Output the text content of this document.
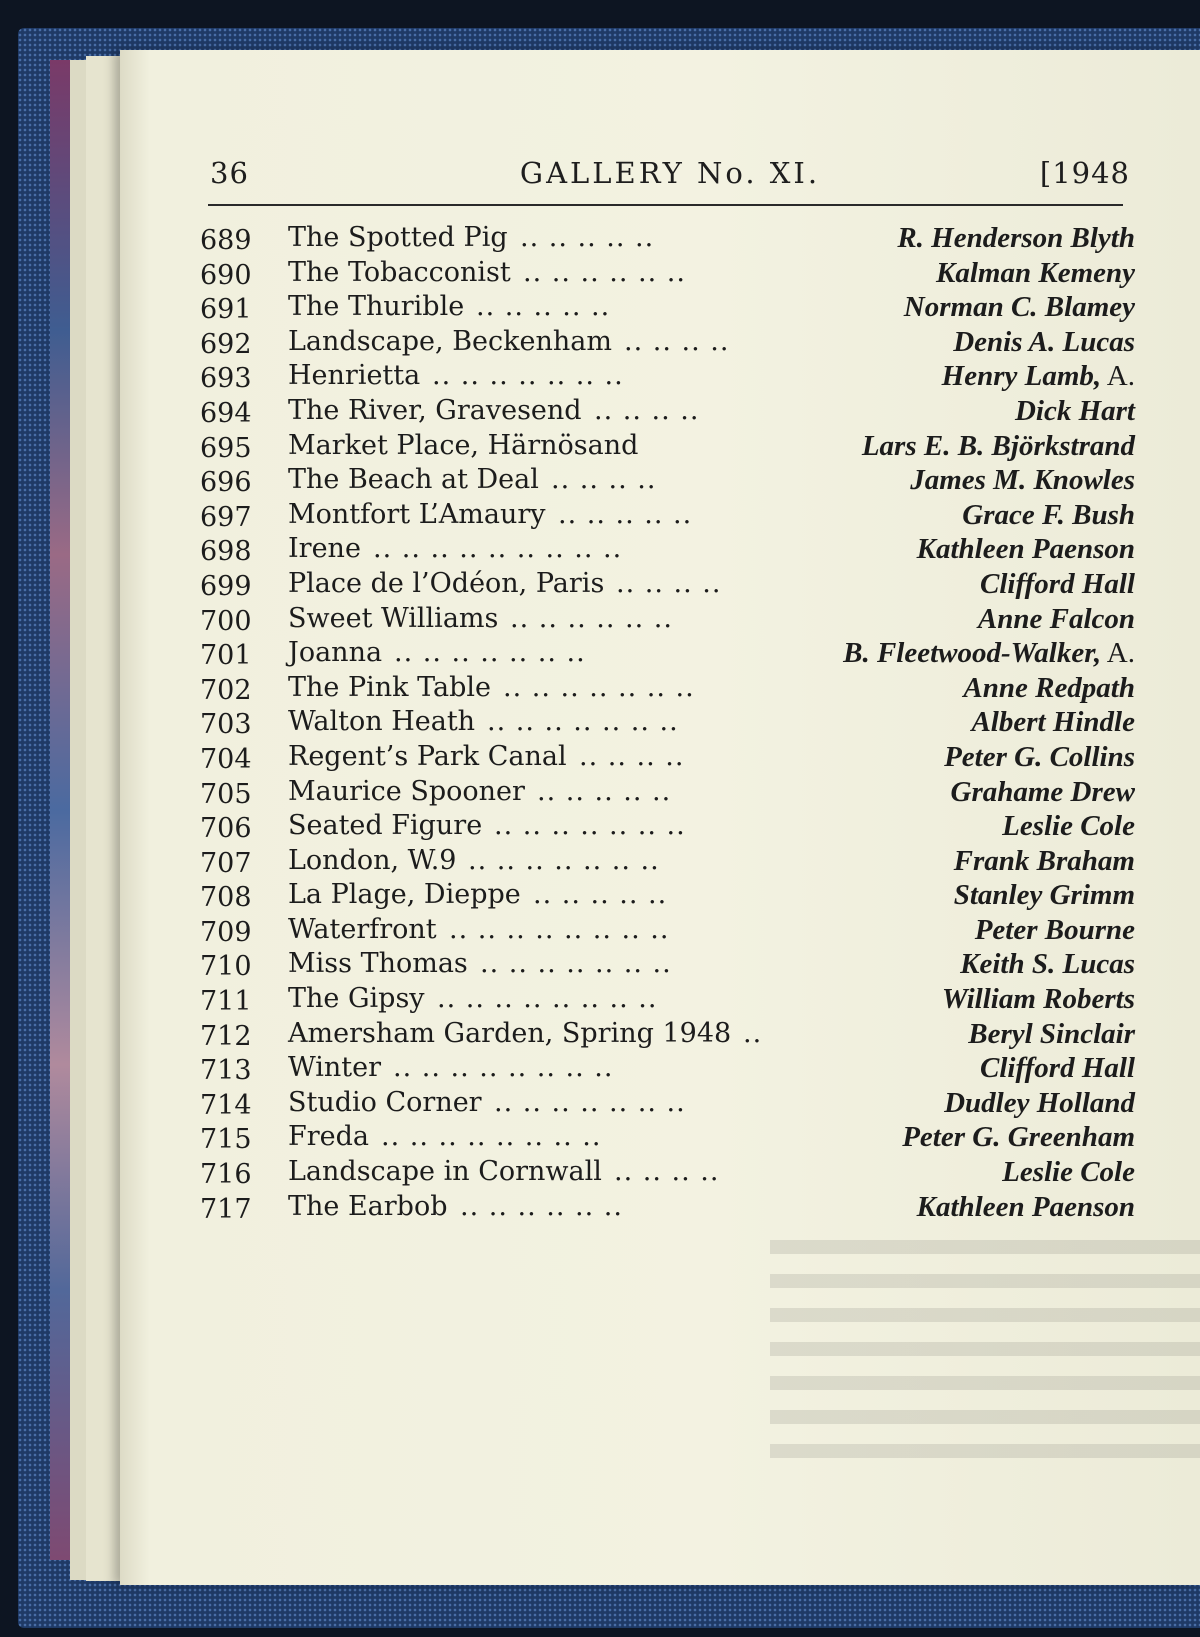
36	GALLERY No. XI.	[1948
689 The Spotted Pig .. .. .. .. ..	R. Henderson Blyth
690 The Tobacconist .. .. .. .. .. ..	Kalman Kemeny
691 The Thurible .. .. .. .. ..	Norman C. Blamey
692 Landscape, Beckenham .. .. .. ..	Denis A. Lucas
693 Henrietta .. .. .. .. .. .. ..	Henry Lamb, A.
694 The River, Gravesend .. .. .. ..	Dick Hart
695 Market Place, Härnösand	Lars E. B. Björkstrand
696 The Beach at Deal .. .. .. ..	James M. Knowles
697 Montfort L’Amaury .. .. .. .. ..	Grace F. Bush
698 Irene .. .. .. .. .. .. .. .. ..	Kathleen Paenson
699 Place de l’Odéon, Paris .. .. .. ..	Clifford Hall
700 Sweet Williams .. .. .. .. .. ..	Anne Falcon
701 Joanna .. .. .. .. .. .. ..	B. Fleetwood-Walker, A.
702 The Pink Table .. .. .. .. .. .. ..	Anne Redpath
703 Walton Heath .. .. .. .. .. .. ..	Albert Hindle
704 Regent’s Park Canal .. .. .. ..	Peter G. Collins
705 Maurice Spooner .. .. .. .. ..	Grahame Drew
706 Seated Figure .. .. .. .. .. .. ..	Leslie Cole
707 London, W.9 .. .. .. .. .. .. ..	Frank Braham
708 La Plage, Dieppe .. .. .. .. ..	Stanley Grimm
709 Waterfront .. .. .. .. .. .. .. ..	Peter Bourne
710 Miss Thomas .. .. .. .. .. .. ..	Keith S. Lucas
711 The Gipsy .. .. .. .. .. .. .. ..	William Roberts
712 Amersham Garden, Spring 1948 ..	Beryl Sinclair
713 Winter .. .. .. .. .. .. .. ..	Clifford Hall
714 Studio Corner .. .. .. .. .. .. ..	Dudley Holland
715 Freda .. .. .. .. .. .. .. ..	Peter G. Greenham
716 Landscape in Cornwall .. .. .. ..	Leslie Cole
717 The Earbob .. .. .. .. .. ..	Kathleen Paenson
